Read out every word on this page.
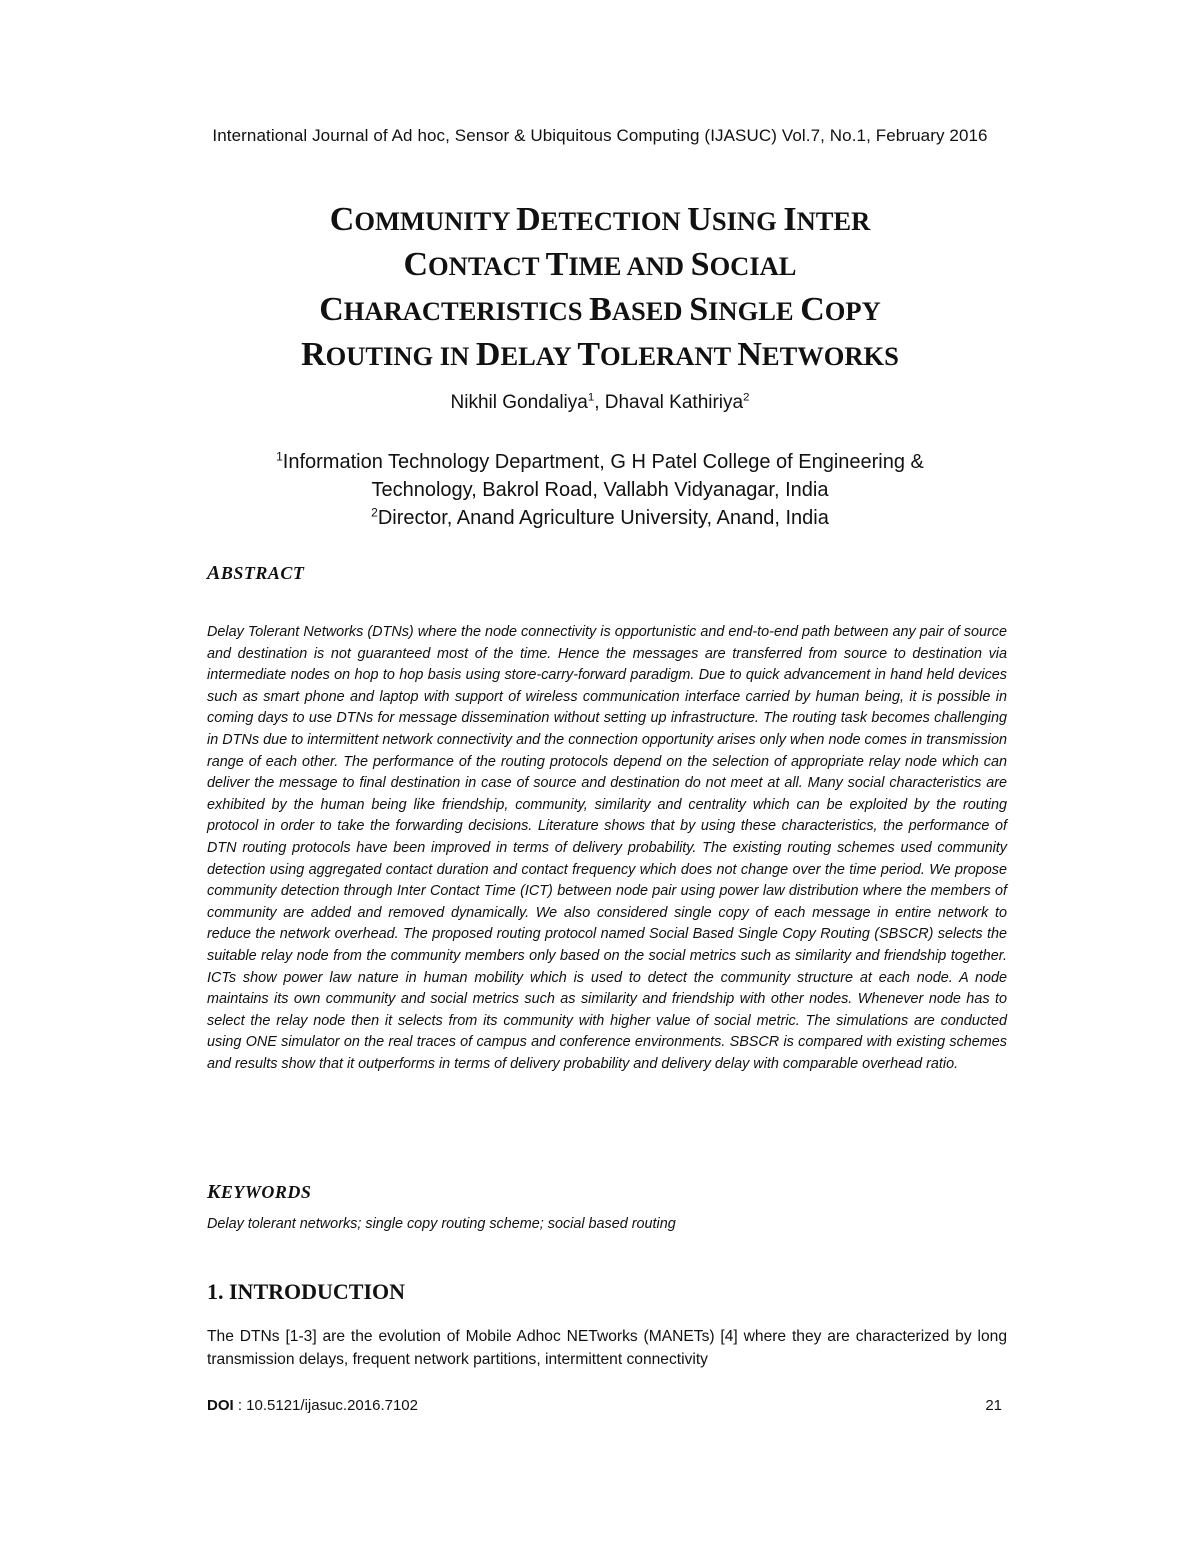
International Journal of Ad hoc, Sensor & Ubiquitous Computing (IJASUC) Vol.7, No.1, February 2016
COMMUNITY DETECTION USING INTER
CONTACT TIME AND SOCIAL
CHARACTERISTICS BASED SINGLE COPY
ROUTING IN DELAY TOLERANT NETWORKS
Nikhil Gondaliya$^1$, Dhaval Kathiriya$^2$
$^1$Information Technology Department, G H Patel College of Engineering &
Technology, Bakrol Road, Vallabh Vidyanagar, India
$^2$Director, Anand Agriculture University, Anand, India
ABSTRACT

Delay Tolerant Networks (DTNs) where the node connectivity is opportunistic and end-to-end path between any pair of source and destination is not guaranteed most of the time. Hence the messages are transferred from source to destination via intermediate nodes on hop to hop basis using store-carry-forward paradigm. Due to quick advancement in hand held devices such as smart phone and laptop with support of wireless communication interface carried by human being, it is possible in coming days to use DTNs for message dissemination without setting up infrastructure. The routing task becomes challenging in DTNs due to intermittent network connectivity and the connection opportunity arises only when node comes in transmission range of each other. The performance of the routing protocols depend on the selection of appropriate relay node which can deliver the message to final destination in case of source and destination do not meet at all. Many social characteristics are exhibited by the human being like friendship, community, similarity and centrality which can be exploited by the routing protocol in order to take the forwarding decisions. Literature shows that by using these characteristics, the performance of DTN routing protocols have been improved in terms of delivery probability. The existing routing schemes used community detection using aggregated contact duration and contact frequency which does not change over the time period. We propose community detection through Inter Contact Time (ICT) between node pair using power law distribution where the members of community are added and removed dynamically. We also considered single copy of each message in entire network to reduce the network overhead. The proposed routing protocol named Social Based Single Copy Routing (SBSCR) selects the suitable relay node from the community members only based on the social metrics such as similarity and friendship together. ICTs show power law nature in human mobility which is used to detect the community structure at each node. A node maintains its own community and social metrics such as similarity and friendship with other nodes. Whenever node has to select the relay node then it selects from its community with higher value of social metric. The simulations are conducted using ONE simulator on the real traces of campus and conference environments. SBSCR is compared with existing schemes and results show that it outperforms in terms of delivery probability and delivery delay with comparable overhead ratio.

KEYWORDS
Delay tolerant networks; single copy routing scheme; social based routing
1. INTRODUCTION

The DTNs [1-3] are the evolution of Mobile Adhoc NETworks (MANETs) [4] where they are characterized by long transmission delays, frequent network partitions, intermittent connectivity

DOI : 10.5121/ijasuc.2016.7102	21
